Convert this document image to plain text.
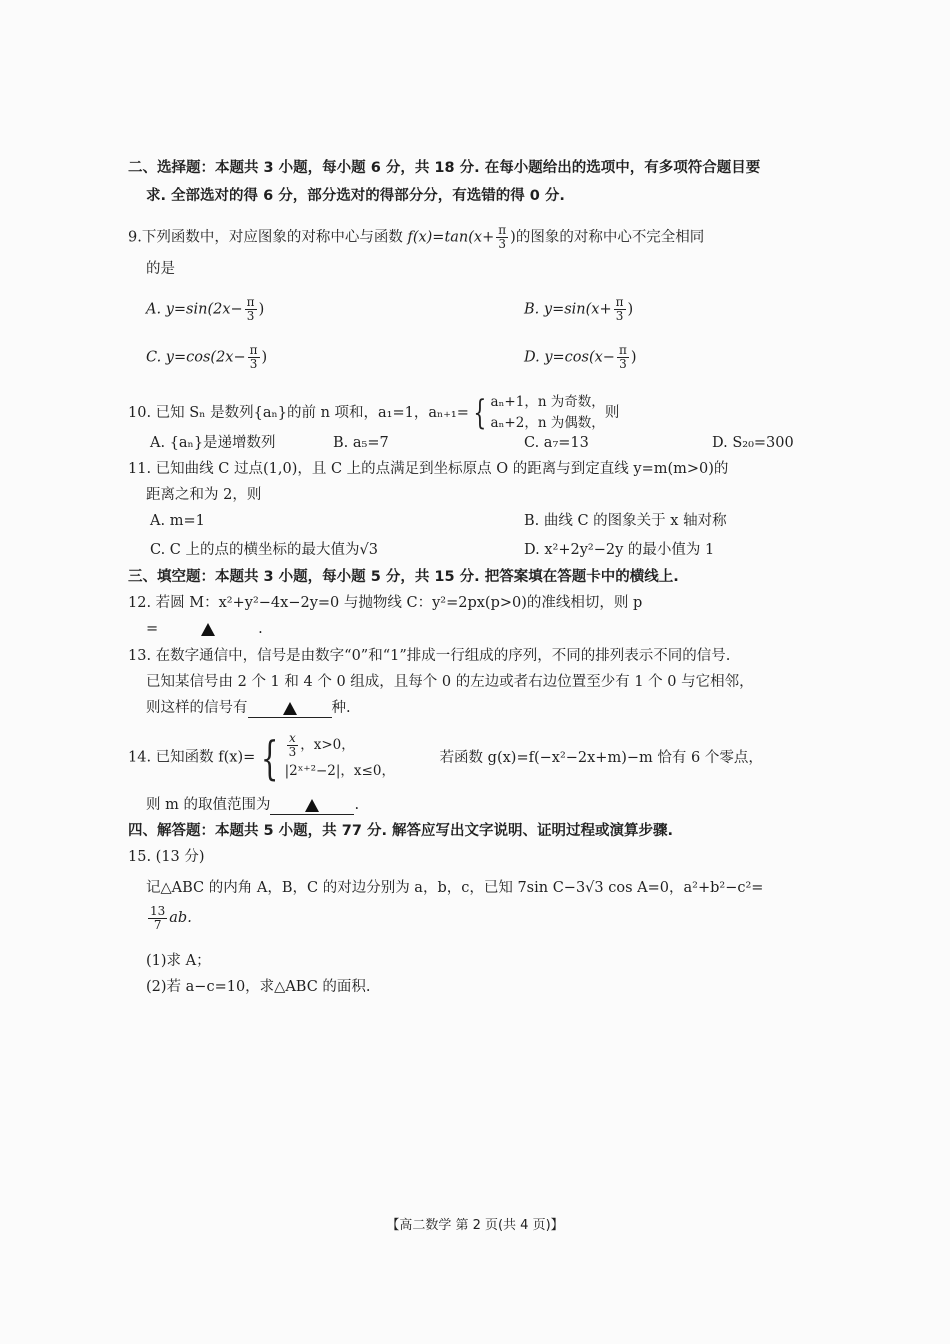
二、选择题：本题共 3 小题，每小题 6 分，共 18 分. 在每小题给出的选项中，有多项符合题目要
求. 全部选对的得 6 分，部分选对的得部分分，有选错的得 0 分.
9.下列函数中，对应图象的对称中心与函数 $f(x)=\tan(x+ \frac{\pi}{3}$ )的图象的对称中心不完全相同
的是
A. $y=\sin(2x- \frac{\pi}{3}$ )	B. $y=\sin(x+ \frac{\pi}{3}$ )
C. $y=\cos(2x- \frac{\pi}{3}$ )	D. $y=\cos(x- \frac{\pi}{3}$ )
10. 已知 Sₙ 是数列{aₙ}的前 n 项和，a₁=1，aₙ₊₁= { aₙ+1，n 为奇数，
aₙ+2，n 为偶数，
则
A. {aₙ}是递增数列	B. a₅=7	C. a₇=13	D. S₂₀=300
11. 已知曲线 C 过点(1,0)，且 C 上的点满足到坐标原点 O 的距离与到定直线 y=m(m>0)的
距离之和为 2，则
A. m=1	B. 曲线 C 的图象关于 x 轴对称
C. C 上的点的横坐标的最大值为√3	D. x²+2y²−2y 的最小值为 1
三、填空题：本题共 3 小题，每小题 5 分，共 15 分. 把答案填在答题卡中的横线上.
12. 若圆 M：x²+y²−4x−2y=0 与抛物线 C：y²=2px(p>0)的准线相切，则 p
=	.
13. 在数字通信中，信号是由数字“0”和“1”排成一行组成的序列，不同的排列表示不同的信号.
已知某信号由 2 个 1 和 4 个 0 组成，且每个 0 的左边或者右边位置至少有 1 个 0 与它相邻，
则这样的信号有	种.
14. 已知函数 f(x)= { $\frac{x}{3}$ ，x>0，
|2ˣ⁺²−2|，x≤0，
若函数 g(x)=f(−x²−2x+m)−m 恰有 6 个零点，
则 m 的取值范围为	.
四、解答题：本题共 5 小题，共 77 分. 解答应写出文字说明、证明过程或演算步骤.
15. (13 分)
记△ABC 的内角 A，B，C 的对边分别为 a，b，c，已知 7sin C−3√3 cos A=0，a²+b²−c²=
$\frac{13}{7}$ ab.
(1)求 A；
(2)若 a−c=10，求△ABC 的面积.
【高二数学 第 2 页(共 4 页)】
